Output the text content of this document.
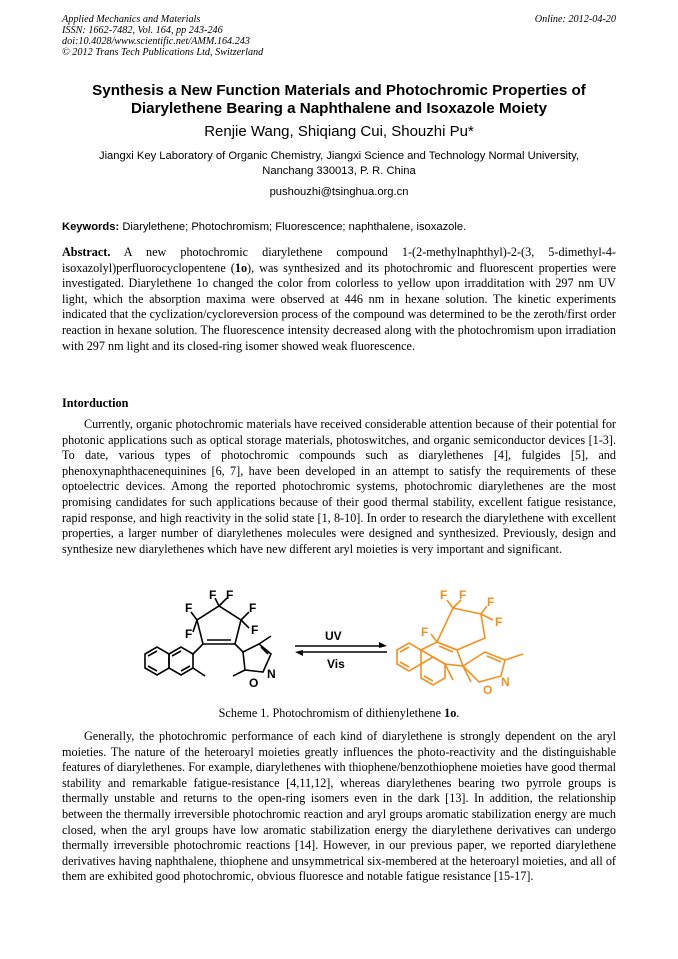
Applied Mechanics and Materials
ISSN: 1662-7482, Vol. 164, pp 243-246
doi:10.4028/www.scientific.net/AMM.164.243
© 2012 Trans Tech Publications Ltd, Switzerland
Online: 2012-04-20
Synthesis a New Function Materials and Photochromic Properties of
Diarylethene Bearing a Naphthalene and Isoxazole Moiety
Renjie Wang, Shiqiang Cui, Shouzhi Pu*
Jiangxi Key Laboratory of Organic Chemistry, Jiangxi Science and Technology Normal University,
Nanchang 330013, P. R. China
pushouzhi@tsinghua.org.cn
Keywords: Diarylethene; Photochromism; Fluorescence; naphthalene, isoxazole.
Abstract. A new photochromic diarylethene compound 1-(2-methylnaphthyl)-2-(3, 5-dimethyl-4-isoxazolyl)perfluorocyclopentene (1o), was synthesized and its photochromic and fluorescent properties were investigated. Diarylethene 1o changed the color from colorless to yellow upon irradditation with 297 nm UV light, which the absorption maxima were observed at 446 nm in hexane solution. The kinetic experiments indicated that the cyclization/cycloreversion process of the compound was determined to be the zeroth/first order reaction in hexane solution. The fluorescence intensity decreased along with the photochromism upon irradiation with 297 nm light and its closed-ring isomer showed weak fluorescence.
Intorduction
Currently, organic photochromic materials have received considerable attention because of their potential for photonic applications such as optical storage materials, photoswitches, and organic semiconductor devices [1-3]. To date, various types of photochromic compounds such as diarylethenes [4], fulgides [5], and phenoxynaphthacenequinines [6, 7], have been developed in an attempt to satisfy the requirements of these optoelectric devices. Among the reported photochromic systems, photochromic diarylethenes are the most promising candidates for such applications because of their good thermal stability, excellent fatigue resistance, rapid response, and high reactivity in the solid state [1, 8-10]. In order to research the diarylethene with excellent properties, a larger number of diarylethenes molecules were designed and synthesized. Previously, design and synthesize new diarylethenes which have new different aryl moieties is very important and significant.
F
F F
F
F
F
O
N
UV
Vis
F F F
F
F
O
N
Scheme 1. Photochromism of dithienylethene 1o.
Generally, the photochromic performance of each kind of diarylethene is strongly dependent on the aryl moieties. The nature of the heteroaryl moieties greatly influences the photo-reactivity and the distinguishable features of diarylethenes. For example, diarylethenes with thiophene/benzothiophene moieties have good thermal stability and remarkable fatigue-resistance [4,11,12], whereas diarylethenes bearing two pyrrole groups is thermally unstable and returns to the open-ring isomers even in the dark [13]. In addition, the relationship between the thermally irreversible photochromic reaction and aryl groups aromatic stabilization energy are much closed, when the aryl groups have low aromatic stabilization energy the diarylethene derivatives can undergo thermally irreversible photochromic reactions [14]. However, in our previous paper, we reported diarylethene derivatives having naphthalene, thiophene and unsymmetrical six-membered at the heteroaryl moieties, and all of them are exhibited good photochromic, obvious fluoresce and notable fatigue resistance [15-17].
